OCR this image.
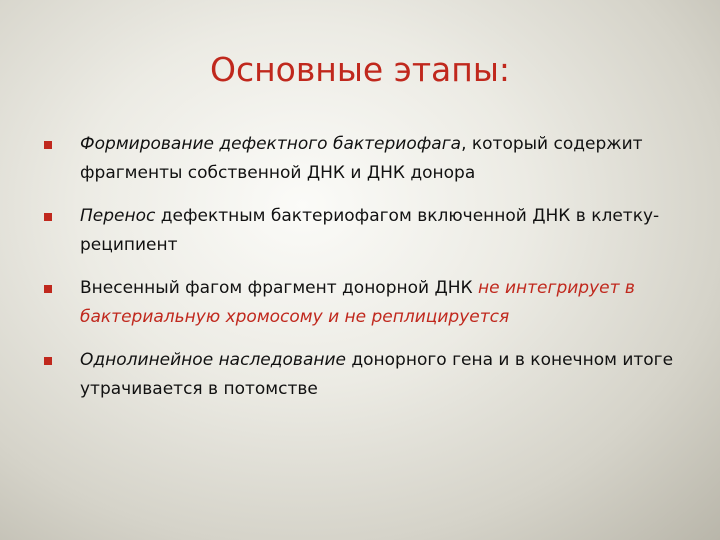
Основные этапы:
Формирование дефектного бактериофага, который содержит фрагменты собственной ДНК и ДНК донора
Перенос дефектным бактериофагом включенной ДНК в клетку-реципиент
Внесенный фагом фрагмент донорной ДНК не интегрирует в бактериальную хромосому и не реплицируется
Однолинейное наследование донорного гена и в конечном итоге утрачивается в потомстве
